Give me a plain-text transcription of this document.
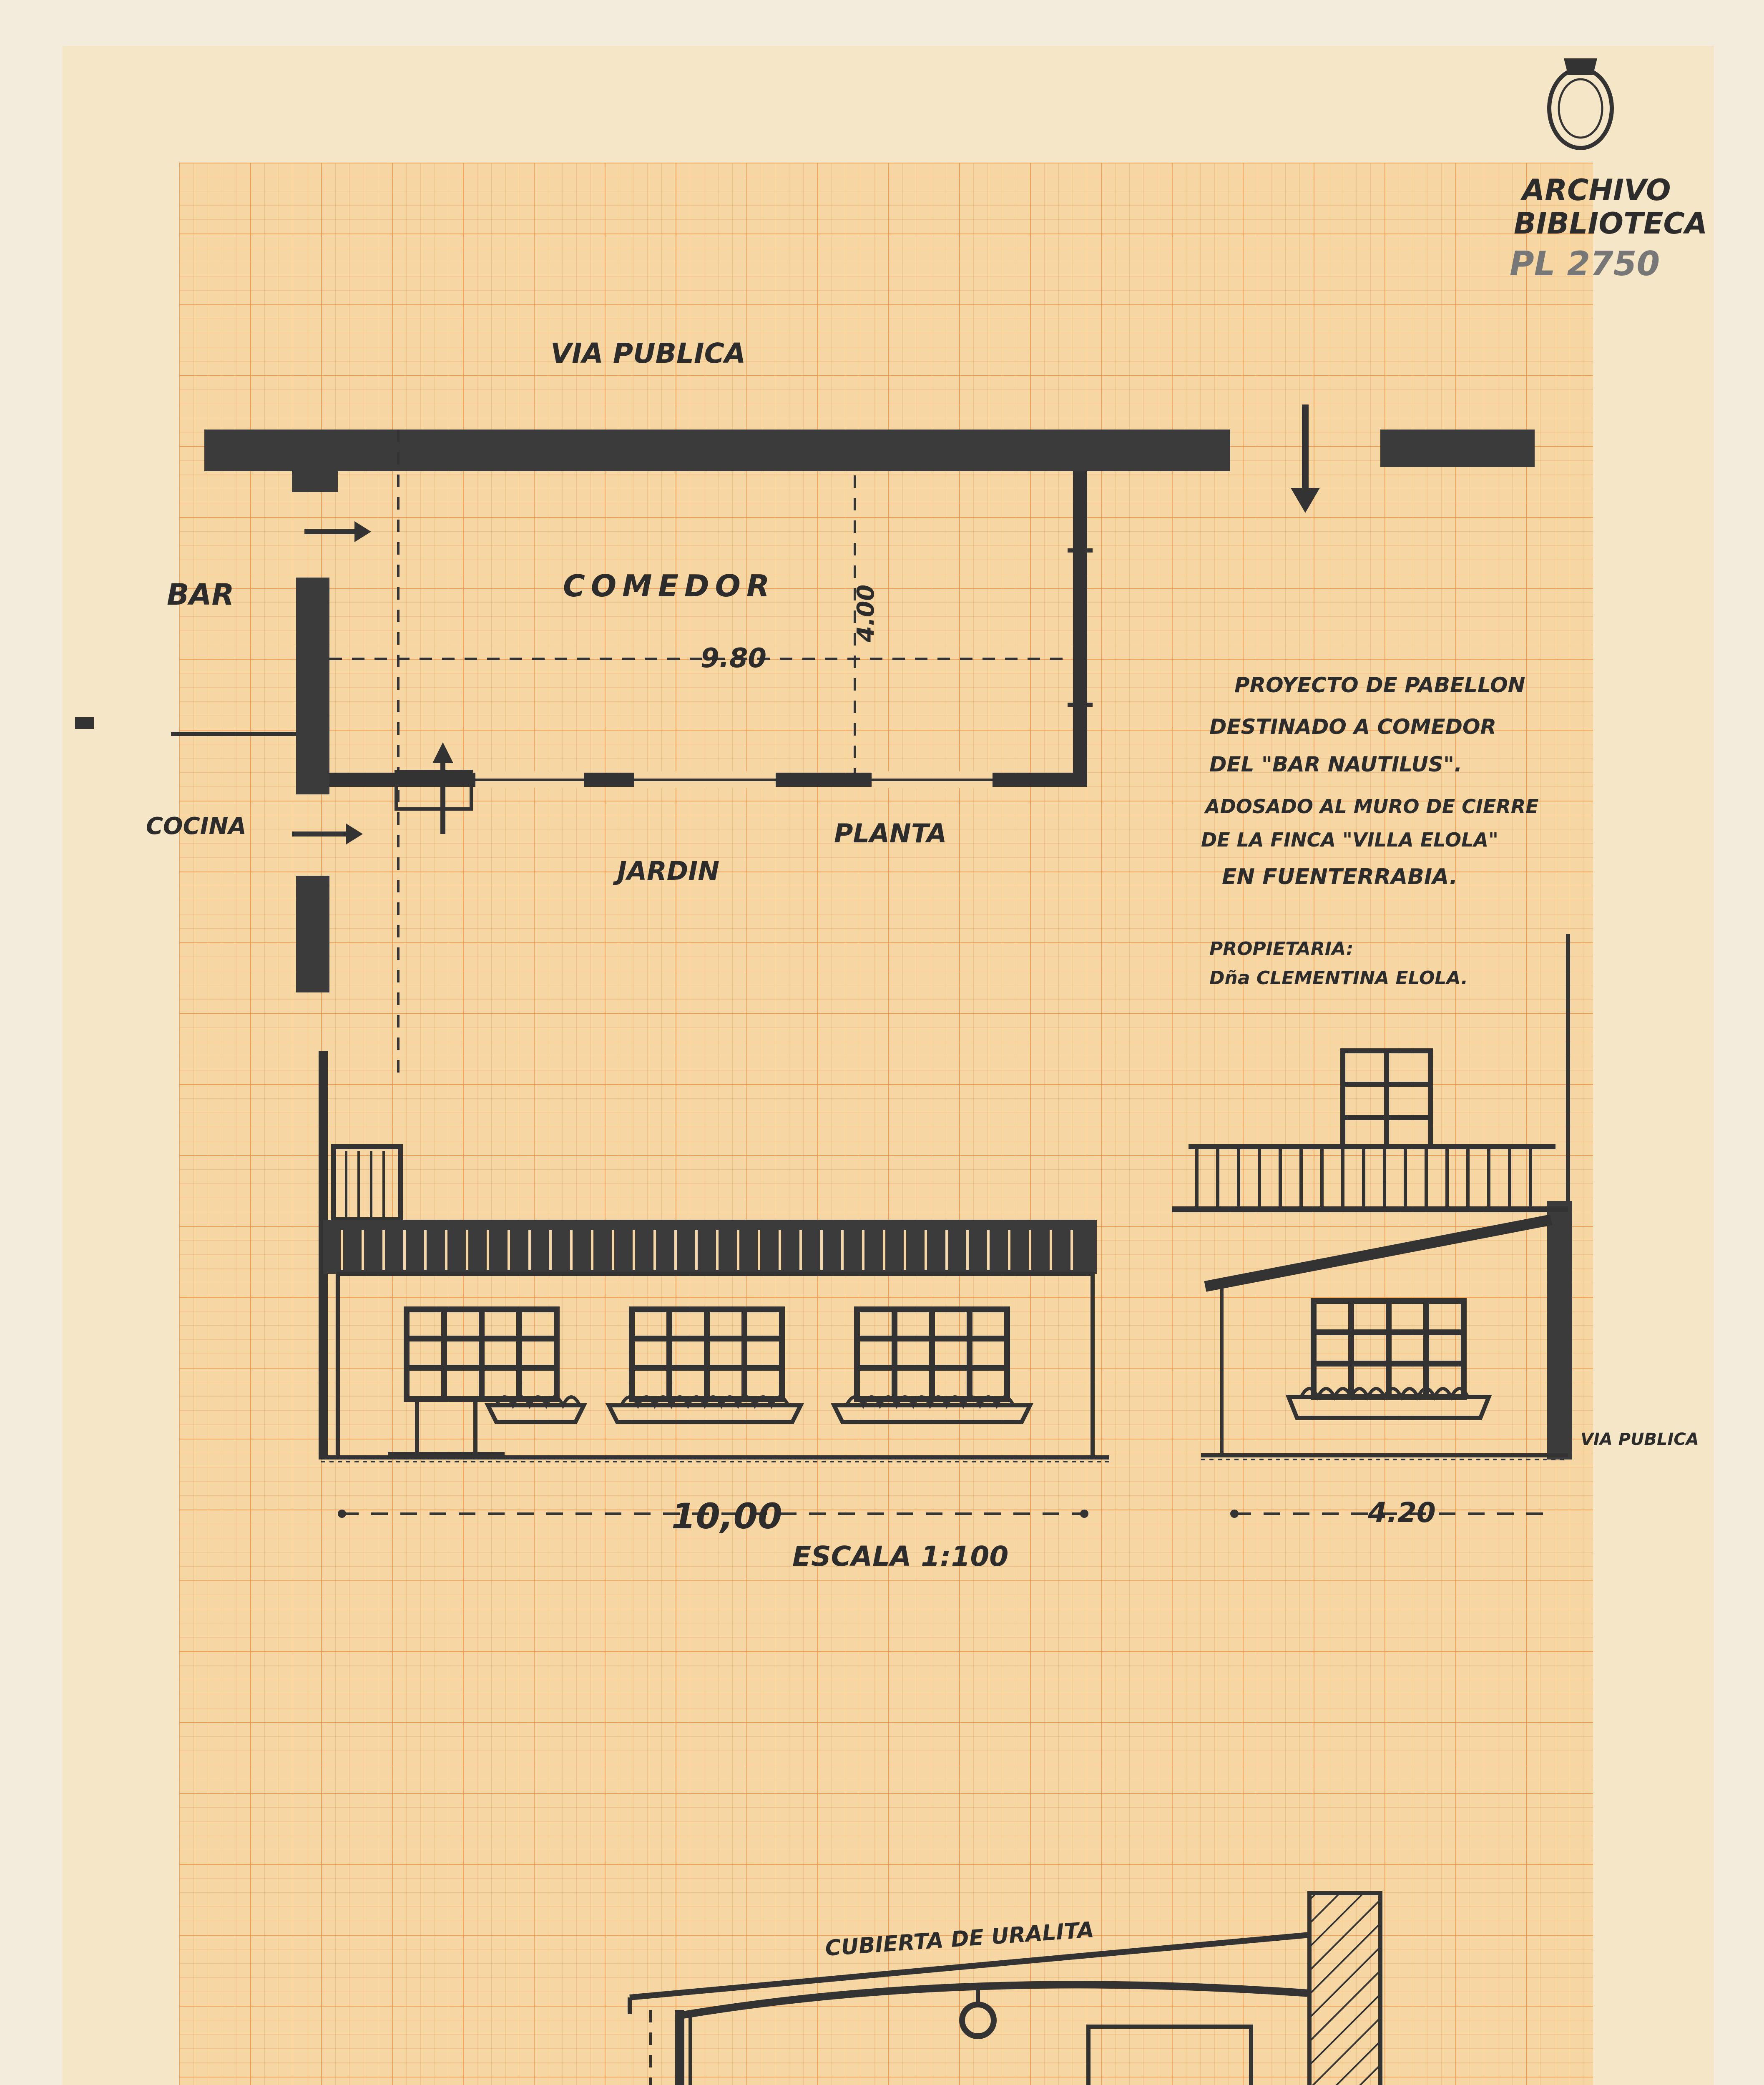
ARCHIVO
BIBLIOTECA
PL 2750
VIA PUBLICA
9.80
4.00
COMEDOR
BAR
COCINA
JARDIN
PLANTA
PROYECTO DE PABELLON
DESTINADO A COMEDOR
DEL "BAR NAUTILUS".
ADOSADO AL MURO DE CIERRE
DE LA FINCA "VILLA ELOLA"
EN FUENTERRABIA.
PROPIETARIA:
Dña CLEMENTINA ELOLA.
10,00
ESCALA 1:100
VIA PUBLICA
4.20
CUBIERTA DE URALITA
